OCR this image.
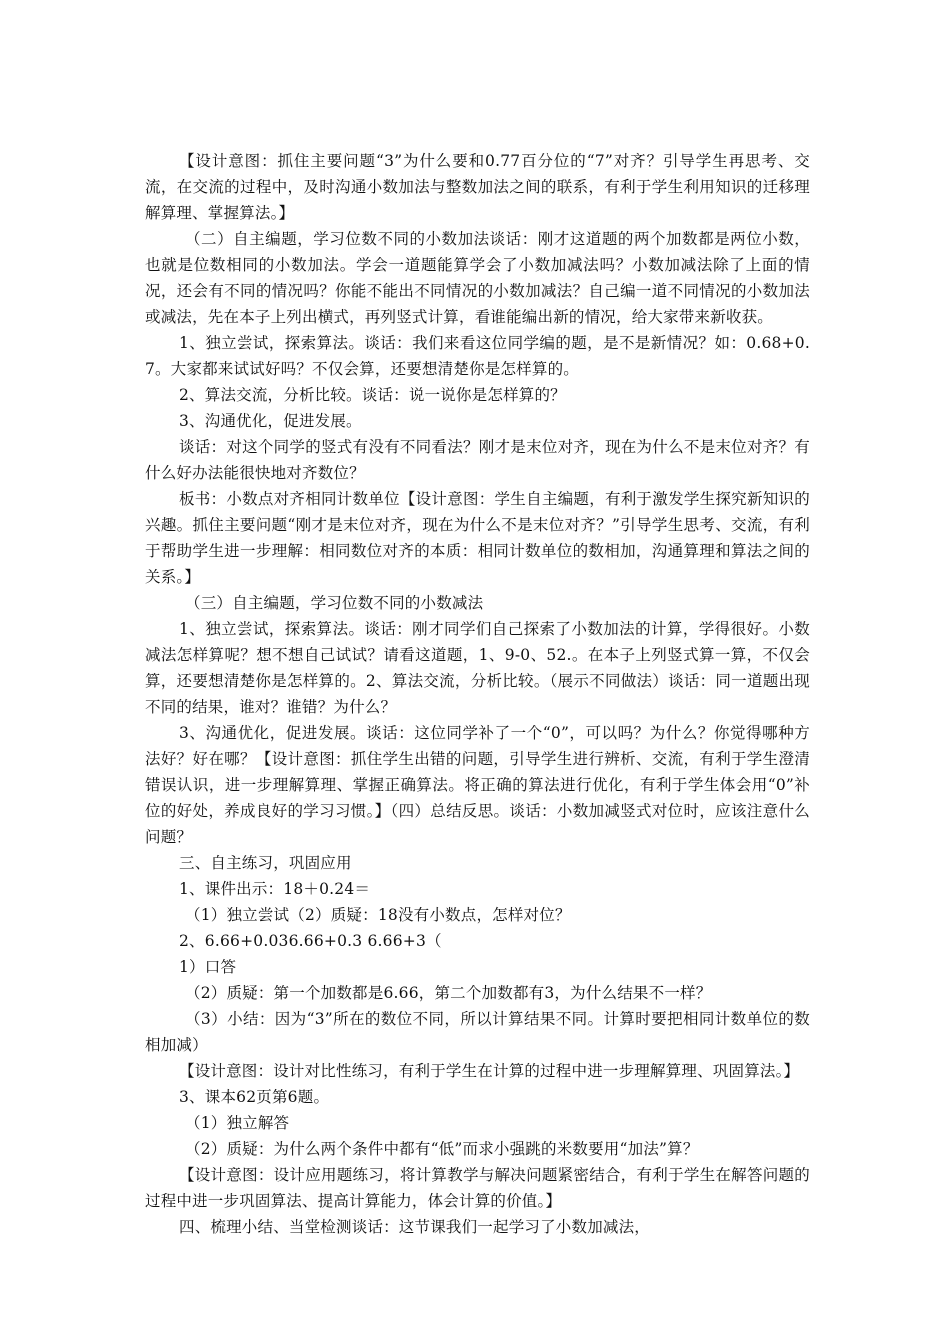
【设计意图：抓住主要问题“3”为什么要和0.77百分位的“7”对齐？引导学生再思考、交流，在交流的过程中，及时沟通小数加法与整数加法之间的联系，有利于学生利用知识的迁移理解算理、掌握算法。】

（二）自主编题，学习位数不同的小数加法谈话：刚才这道题的两个加数都是两位小数，也就是位数相同的小数加法。学会一道题能算学会了小数加减法吗？小数加减法除了上面的情况，还会有不同的情况吗？你能不能出不同情况的小数加减法？自己编一道不同情况的小数加法或减法，先在本子上列出横式，再列竖式计算，看谁能编出新的情况，给大家带来新收获。

1、独立尝试，探索算法。谈话：我们来看这位同学编的题，是不是新情况？如：0.68+0.7。大家都来试试好吗？不仅会算，还要想清楚你是怎样算的。

2、算法交流，分析比较。谈话：说一说你是怎样算的？

3、沟通优化，促进发展。

谈话：对这个同学的竖式有没有不同看法？刚才是末位对齐，现在为什么不是末位对齐？有什么好办法能很快地对齐数位？

板书：小数点对齐相同计数单位【设计意图：学生自主编题，有利于激发学生探究新知识的兴趣。抓住主要问题“刚才是末位对齐，现在为什么不是末位对齐？”引导学生思考、交流，有利于帮助学生进一步理解：相同数位对齐的本质：相同计数单位的数相加，沟通算理和算法之间的关系。】

（三）自主编题，学习位数不同的小数减法

1、独立尝试，探索算法。谈话：刚才同学们自己探索了小数加法的计算，学得很好。小数减法怎样算呢？想不想自己试试？请看这道题，1、9-0、52.。在本子上列竖式算一算，不仅会算，还要想清楚你是怎样算的。2、算法交流，分析比较。（展示不同做法）谈话：同一道题出现不同的结果，谁对？谁错？为什么？

3、沟通优化，促进发展。谈话：这位同学补了一个“0”，可以吗？为什么？你觉得哪种方法好？好在哪？【设计意图：抓住学生出错的问题，引导学生进行辨析、交流，有利于学生澄清错误认识，进一步理解算理、掌握正确算法。将正确的算法进行优化，有利于学生体会用“0”补位的好处，养成良好的学习习惯。】（四）总结反思。谈话：小数加减竖式对位时，应该注意什么问题？

三、自主练习，巩固应用

1、课件出示：18＋0.24＝

（1）独立尝试（2）质疑：18没有小数点，怎样对位？

2、6.66+0.036.66+0.3 6.66+3（

1）口答

（2）质疑：第一个加数都是6.66，第二个加数都有3，为什么结果不一样？

（3）小结：因为“3”所在的数位不同，所以计算结果不同。计算时要把相同计数单位的数相加减）

【设计意图：设计对比性练习，有利于学生在计算的过程中进一步理解算理、巩固算法。】

3、课本62页第6题。

（1）独立解答

（2）质疑：为什么两个条件中都有“低”而求小强跳的米数要用“加法”算？

【设计意图：设计应用题练习，将计算教学与解决问题紧密结合，有利于学生在解答问题的过程中进一步巩固算法、提高计算能力，体会计算的价值。】

四、梳理小结、当堂检测谈话：这节课我们一起学习了小数加减法，
